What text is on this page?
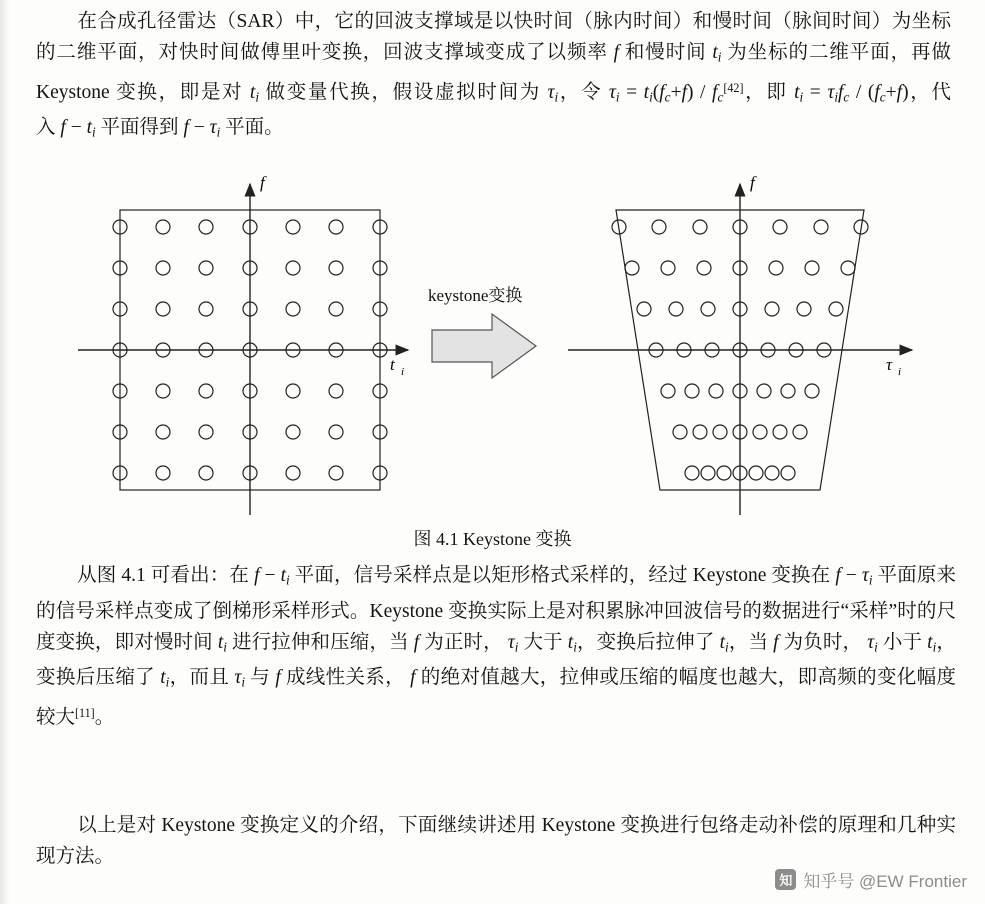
在合成孔径雷达（SAR）中，它的回波支撑域是以快时间（脉内时间）和慢时间（脉间时间）为坐标的二维平面，对快时间做傅里叶变换，回波支撑域变成了以频率 f 和慢时间 $t_i$ 为坐标的二维平面，再做 Keystone 变换，即是对 $t_i$ 做变量代换，假设虚拟时间为 $\tau_i$，令 $\tau_i = t_i(f_c+f) / f_c[42]$，即 $t_i = \tau_if_c / (f_c+f)$，代入 $f - t_i$ 平面得到 $f - \tau_i$ 平面。
f
t i
keystone变换
f
τ i
图 4.1 Keystone 变换
从图 4.1 可看出：在 $f - t_i$ 平面，信号采样点是以矩形格式采样的，经过 Keystone 变换在 $f - \tau_i$ 平面原来的信号采样点变成了倒梯形采样形式。Keystone 变换实际上是对积累脉冲回波信号的数据进行“采样”时的尺度变换，即对慢时间 $t_i$ 进行拉伸和压缩，当 f 为正时， $\tau_i$ 大于 $t_i$，变换后拉伸了 $t_i$，当 f 为负时， $\tau_i$ 小于 $t_i$，变换后压缩了 $t_i$，而且 $\tau_i$ 与 f 成线性关系， f 的绝对值越大，拉伸或压缩的幅度也越大，即高频的变化幅度较大[11]。
以上是对 Keystone 变换定义的介绍，下面继续讲述用 Keystone 变换进行包络走动补偿的原理和几种实现方法。
知 知乎号 @EW Frontier
